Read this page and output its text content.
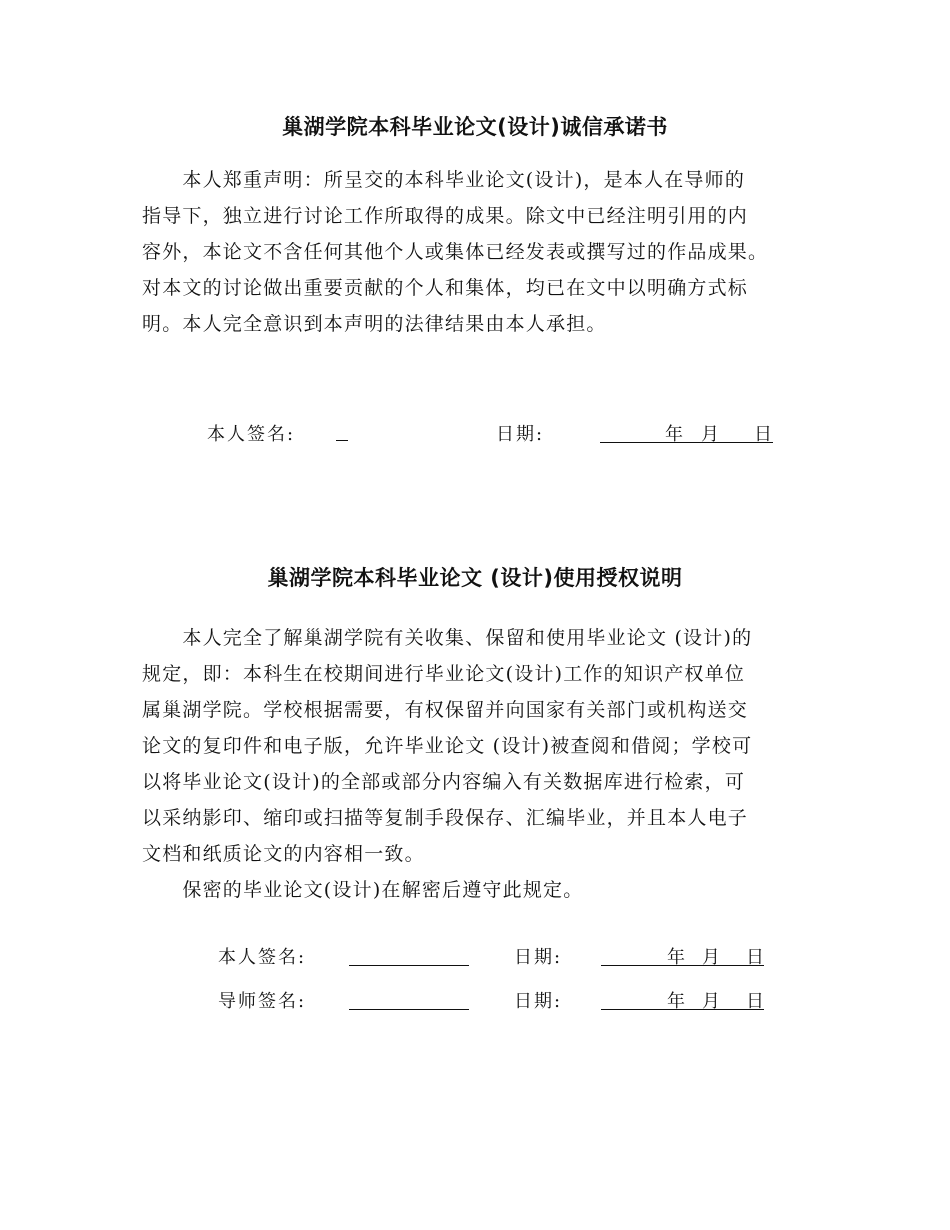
巢湖学院本科毕业论文(设计)诚信承诺书
　　本人郑重声明：所呈交的本科毕业论文(设计)，是本人在导师的
指导下，独立进行讨论工作所取得的成果。除文中已经注明引用的内
容外，本论文不含任何其他个人或集体已经发表或撰写过的作品成果。
对本文的讨论做出重要贡献的个人和集体，均已在文中以明确方式标
明。本人完全意识到本声明的法律结果由本人承担。
本人签名:	日期:	年 月 日
巢湖学院本科毕业论文 (设计)使用授权说明
　　本人完全了解巢湖学院有关收集、保留和使用毕业论文 (设计)的
规定，即：本科生在校期间进行毕业论文(设计)工作的知识产权单位
属巢湖学院。学校根据需要，有权保留并向国家有关部门或机构送交
论文的复印件和电子版，允许毕业论文 (设计)被查阅和借阅；学校可
以将毕业论文(设计)的全部或部分内容编入有关数据库进行检索，可
以采纳影印、缩印或扫描等复制手段保存、汇编毕业，并且本人电子
文档和纸质论文的内容相一致。
　　保密的毕业论文(设计)在解密后遵守此规定。
本人签名:	日期:	年 月 日
导师签名:	日期:	年 月 日
